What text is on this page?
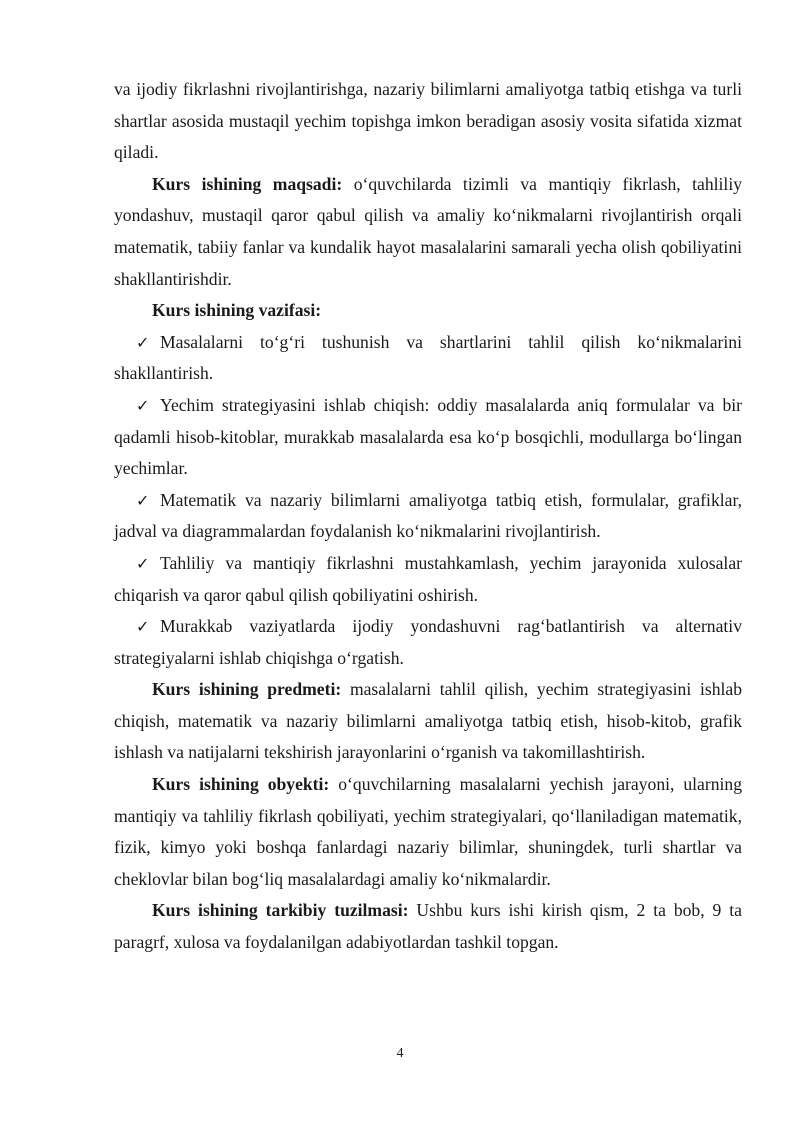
va ijodiy fikrlashni rivojlantirishga, nazariy bilimlarni amaliyotga tatbiq etishga va turli shartlar asosida mustaqil yechim topishga imkon beradigan asosiy vosita sifatida xizmat qiladi.

Kurs ishining maqsadi: o‘quvchilarda tizimli va mantiqiy fikrlash, tahliliy yondashuv, mustaqil qaror qabul qilish va amaliy ko‘nikmalarni rivojlantirish orqali matematik, tabiiy fanlar va kundalik hayot masalalarini samarali yecha olish qobiliyatini shakllantirishdir.

Kurs ishining vazifasi:

✓ Masalalarni to‘g‘ri tushunish va shartlarini tahlil qilish ko‘nikmalarini shakllantirish.

✓ Yechim strategiyasini ishlab chiqish: oddiy masalalarda aniq formulalar va bir qadamli hisob-kitoblar, murakkab masalalarda esa ko‘p bosqichli, modullarga bo‘lingan yechimlar.

✓ Matematik va nazariy bilimlarni amaliyotga tatbiq etish, formulalar, grafiklar, jadval va diagrammalardan foydalanish ko‘nikmalarini rivojlantirish.

✓ Tahliliy va mantiqiy fikrlashni mustahkamlash, yechim jarayonida xulosalar chiqarish va qaror qabul qilish qobiliyatini oshirish.

✓ Murakkab vaziyatlarda ijodiy yondashuvni rag‘batlantirish va alternativ strategiyalarni ishlab chiqishga o‘rgatish.

Kurs ishining predmeti: masalalarni tahlil qilish, yechim strategiyasini ishlab chiqish, matematik va nazariy bilimlarni amaliyotga tatbiq etish, hisob-kitob, grafik ishlash va natijalarni tekshirish jarayonlarini o‘rganish va takomillashtirish.

Kurs ishining obyekti: o‘quvchilarning masalalarni yechish jarayoni, ularning mantiqiy va tahliliy fikrlash qobiliyati, yechim strategiyalari, qo‘llaniladigan matematik, fizik, kimyo yoki boshqa fanlardagi nazariy bilimlar, shuningdek, turli shartlar va cheklovlar bilan bog‘liq masalalardagi amaliy ko‘nikmalardir.

Kurs ishining tarkibiy tuzilmasi: Ushbu kurs ishi kirish qism, 2 ta bob, 9 ta paragrf, xulosa va foydalanilgan adabiyotlardan tashkil topgan.

4
